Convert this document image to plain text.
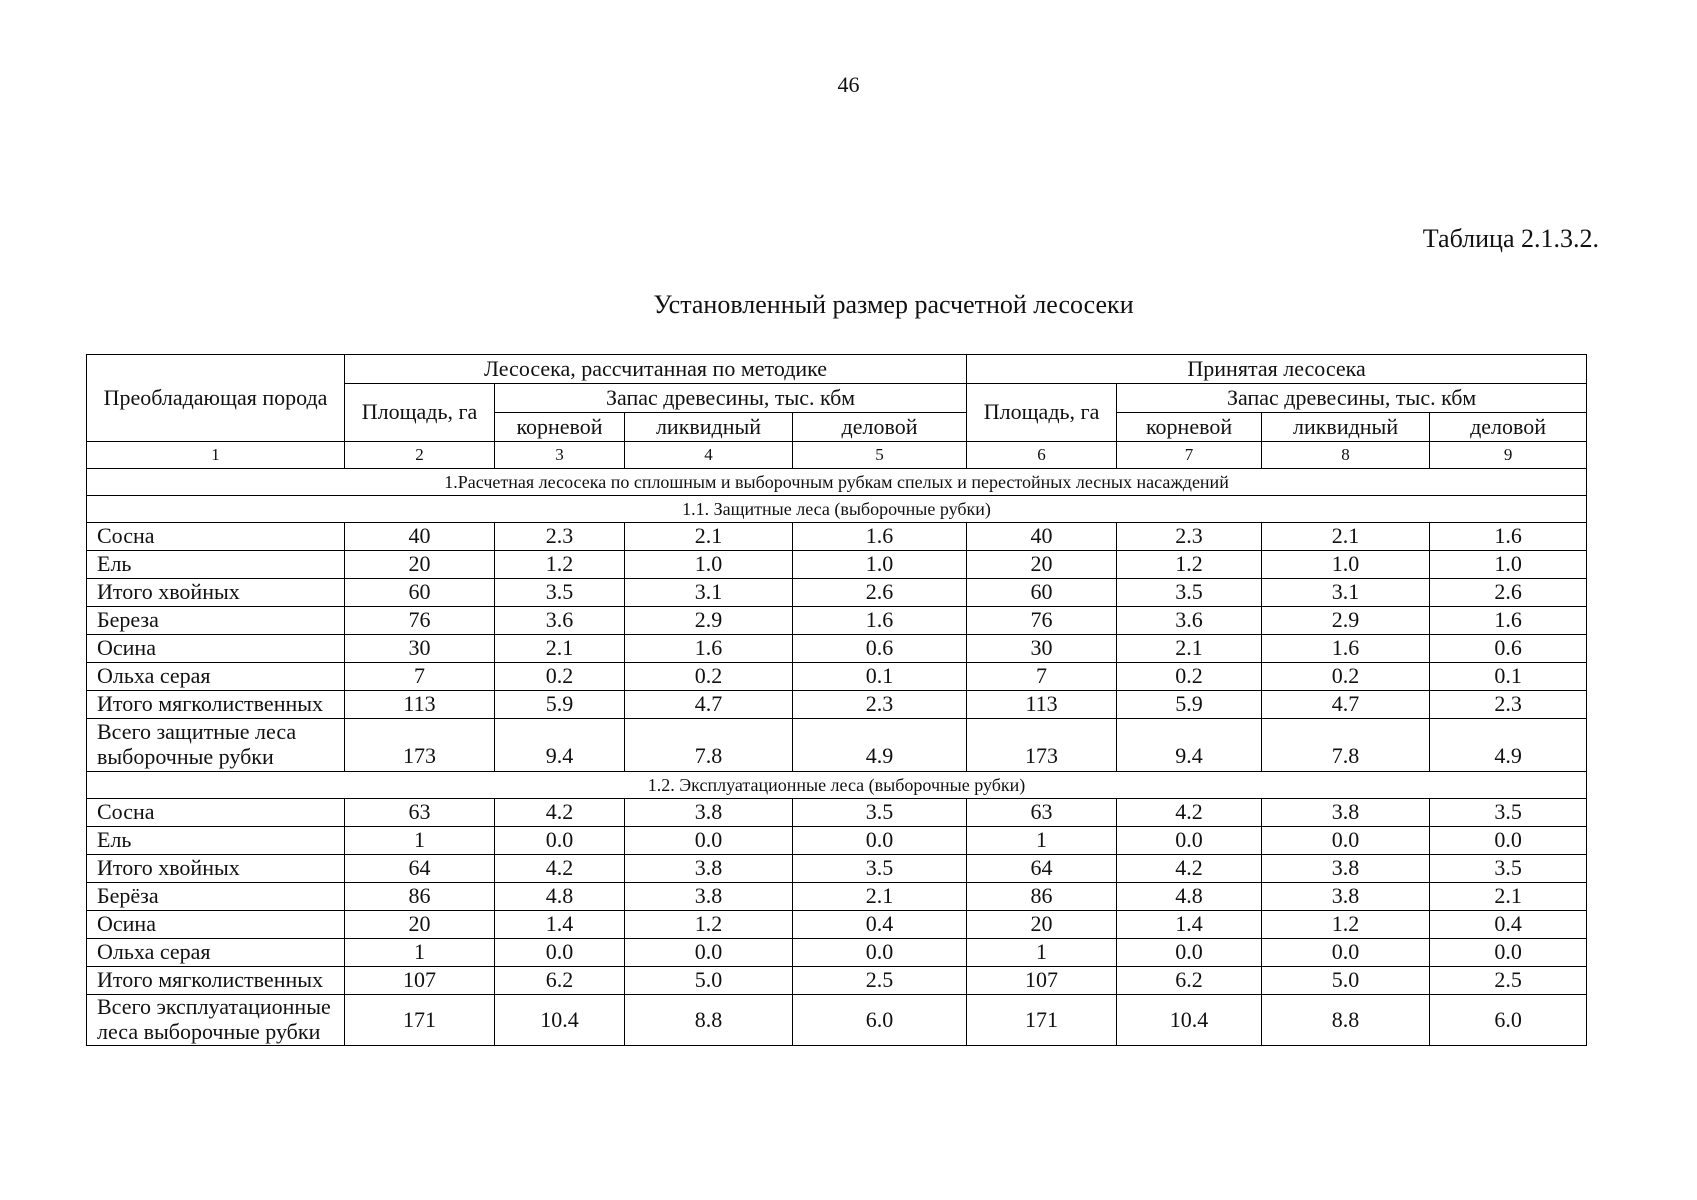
46
Таблица 2.1.3.2.
Установленный размер расчетной лесосеки
Преобладающая порода	Лесосека, рассчитанная по методике				Принятая лесосека			
	Площадь, га	Запас древесины, тыс. кбм			Площадь, га	Запас древесины, тыс. кбм		
		корневой	ликвидный	деловой		корневой	ликвидный	деловой
1	2	3	4	5	6	7	8	9
1.Расчетная лесосека по сплошным и выборочным рубкам спелых и перестойных лесных насаждений								
1.1. Защитные леса (выборочные рубки)								
Сосна	40	2.3	2.1	1.6	40	2.3	2.1	1.6
Ель	20	1.2	1.0	1.0	20	1.2	1.0	1.0
Итого хвойных	60	3.5	3.1	2.6	60	3.5	3.1	2.6
Береза	76	3.6	2.9	1.6	76	3.6	2.9	1.6
Осина	30	2.1	1.6	0.6	30	2.1	1.6	0.6
Ольха серая	7	0.2	0.2	0.1	7	0.2	0.2	0.1
Итого мягколиственных	113	5.9	4.7	2.3	113	5.9	4.7	2.3
Всего защитные леса выборочные рубки	173	9.4	7.8	4.9	173	9.4	7.8	4.9
1.2. Эксплуатационные леса (выборочные рубки)								
Сосна	63	4.2	3.8	3.5	63	4.2	3.8	3.5
Ель	1	0.0	0.0	0.0	1	0.0	0.0	0.0
Итого хвойных	64	4.2	3.8	3.5	64	4.2	3.8	3.5
Берёза	86	4.8	3.8	2.1	86	4.8	3.8	2.1
Осина	20	1.4	1.2	0.4	20	1.4	1.2	0.4
Ольха серая	1	0.0	0.0	0.0	1	0.0	0.0	0.0
Итого мягколиственных	107	6.2	5.0	2.5	107	6.2	5.0	2.5
Всего эксплуатационные леса выборочные рубки	171	10.4	8.8	6.0	171	10.4	8.8	6.0
